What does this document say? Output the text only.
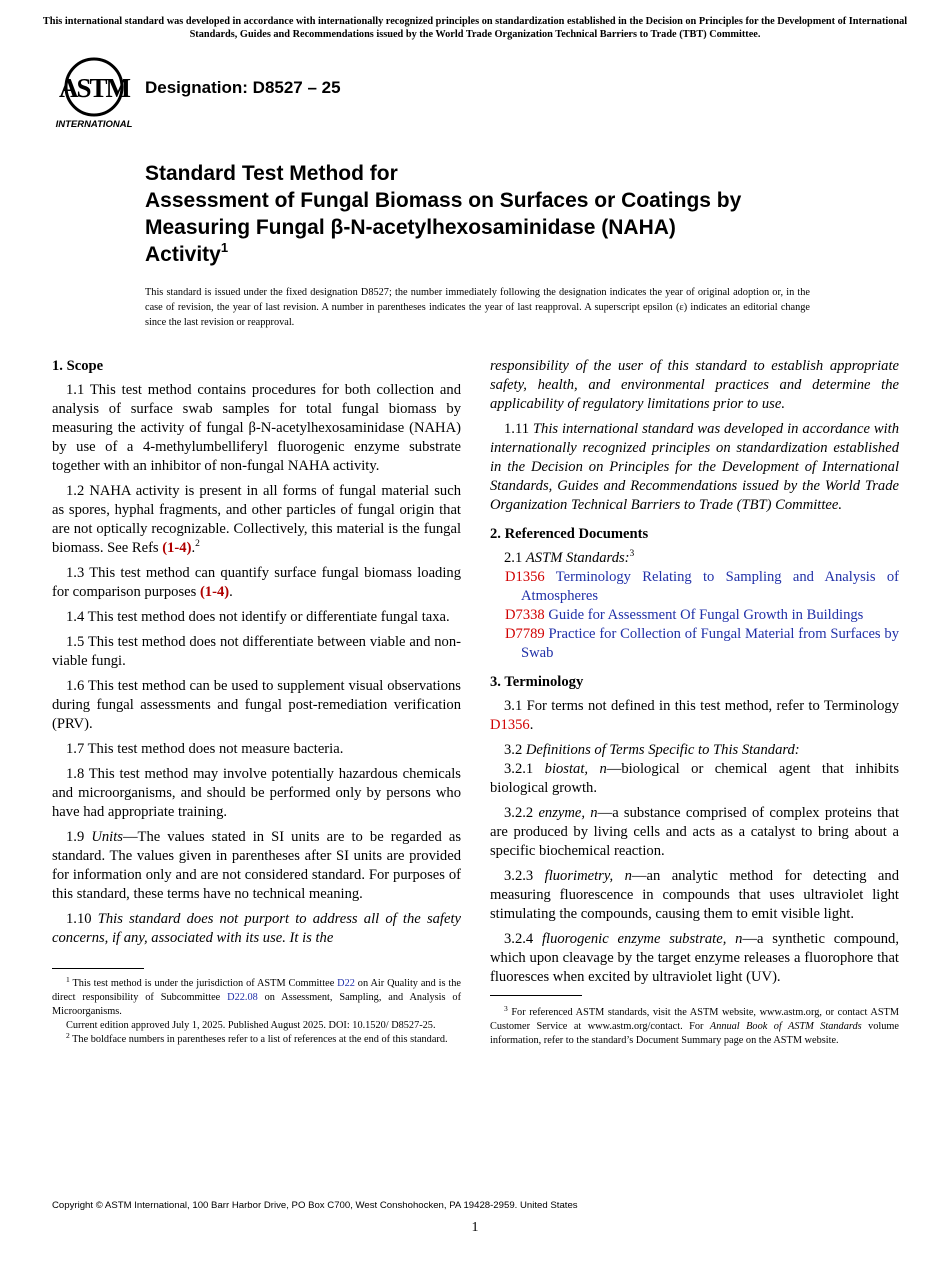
This international standard was developed in accordance with internationally recognized principles on standardization established in the Decision on Principles for the Development of International Standards, Guides and Recommendations issued by the World Trade Organization Technical Barriers to Trade (TBT) Committee.
ASTM
INTERNATIONAL
Designation: D8527 – 25
Standard Test Method for
Assessment of Fungal Biomass on Surfaces or Coatings by
Measuring Fungal β-N-acetylhexosaminidase (NAHA)
Activity$^1$
This standard is issued under the fixed designation D8527; the number immediately following the designation indicates the year of original adoption or, in the case of revision, the year of last revision. A number in parentheses indicates the year of last reapproval. A superscript epsilon (ε) indicates an editorial change since the last revision or reapproval.
1. Scope

1.1 This test method contains procedures for both collection and analysis of surface swab samples for total fungal biomass by measuring the activity of fungal β-N-acetylhexosaminidase (NAHA) by use of a 4-methylumbelliferyl fluorogenic enzyme substrate together with an inhibitor of non-fungal NAHA activity.

1.2 NAHA activity is present in all forms of fungal material such as spores, hyphal fragments, and other particles of fungal origin that are not optically recognizable. Collectively, this material is the fungal biomass. See Refs (1-4).$^2$

1.3 This test method can quantify surface fungal biomass loading for comparison purposes (1-4).

1.4 This test method does not identify or differentiate fungal taxa.

1.5 This test method does not differentiate between viable and non-viable fungi.

1.6 This test method can be used to supplement visual observations during fungal assessments and fungal post-remediation verification (PRV).

1.7 This test method does not measure bacteria.

1.8 This test method may involve potentially hazardous chemicals and microorganisms, and should be performed only by persons who have had appropriate training.

1.9 Units—The values stated in SI units are to be regarded as standard. The values given in parentheses after SI units are provided for information only and are not considered standard. For purposes of this standard, these terms have no technical meaning.

1.10 This standard does not purport to address all of the safety concerns, if any, associated with its use. It is the

$^1$ This test method is under the jurisdiction of ASTM Committee D22 on Air Quality and is the direct responsibility of Subcommittee D22.08 on Assessment, Sampling, and Analysis of Microorganisms.

Current edition approved July 1, 2025. Published August 2025. DOI: 10.1520/ D8527-25.

$^2$ The boldface numbers in parentheses refer to a list of references at the end of this standard.

responsibility of the user of this standard to establish appropriate safety, health, and environmental practices and determine the applicability of regulatory limitations prior to use.

1.11 This international standard was developed in accordance with internationally recognized principles on standardization established in the Decision on Principles for the Development of International Standards, Guides and Recommendations issued by the World Trade Organization Technical Barriers to Trade (TBT) Committee.

2. Referenced Documents

2.1 ASTM Standards:$^3$

D1356 Terminology Relating to Sampling and Analysis of Atmospheres
D7338 Guide for Assessment Of Fungal Growth in Buildings
D7789 Practice for Collection of Fungal Material from Surfaces by Swab
3. Terminology

3.1 For terms not defined in this test method, refer to Terminology D1356.

3.2 Definitions of Terms Specific to This Standard:

3.2.1 biostat, n—biological or chemical agent that inhibits biological growth.

3.2.2 enzyme, n—a substance comprised of complex proteins that are produced by living cells and acts as a catalyst to bring about a specific biochemical reaction.

3.2.3 fluorimetry, n—an analytic method for detecting and measuring fluorescence in compounds that uses ultraviolet light stimulating the compounds, causing them to emit visible light.

3.2.4 fluorogenic enzyme substrate, n—a synthetic compound, which upon cleavage by the target enzyme releases a fluorophore that fluoresces when excited by ultraviolet light (UV).

$^3$ For referenced ASTM standards, visit the ASTM website, www.astm.org, or contact ASTM Customer Service at www.astm.org/contact. For Annual Book of ASTM Standards volume information, refer to the standard’s Document Summary page on the ASTM website.

Copyright © ASTM International, 100 Barr Harbor Drive, PO Box C700, West Conshohocken, PA 19428-2959. United States
1
